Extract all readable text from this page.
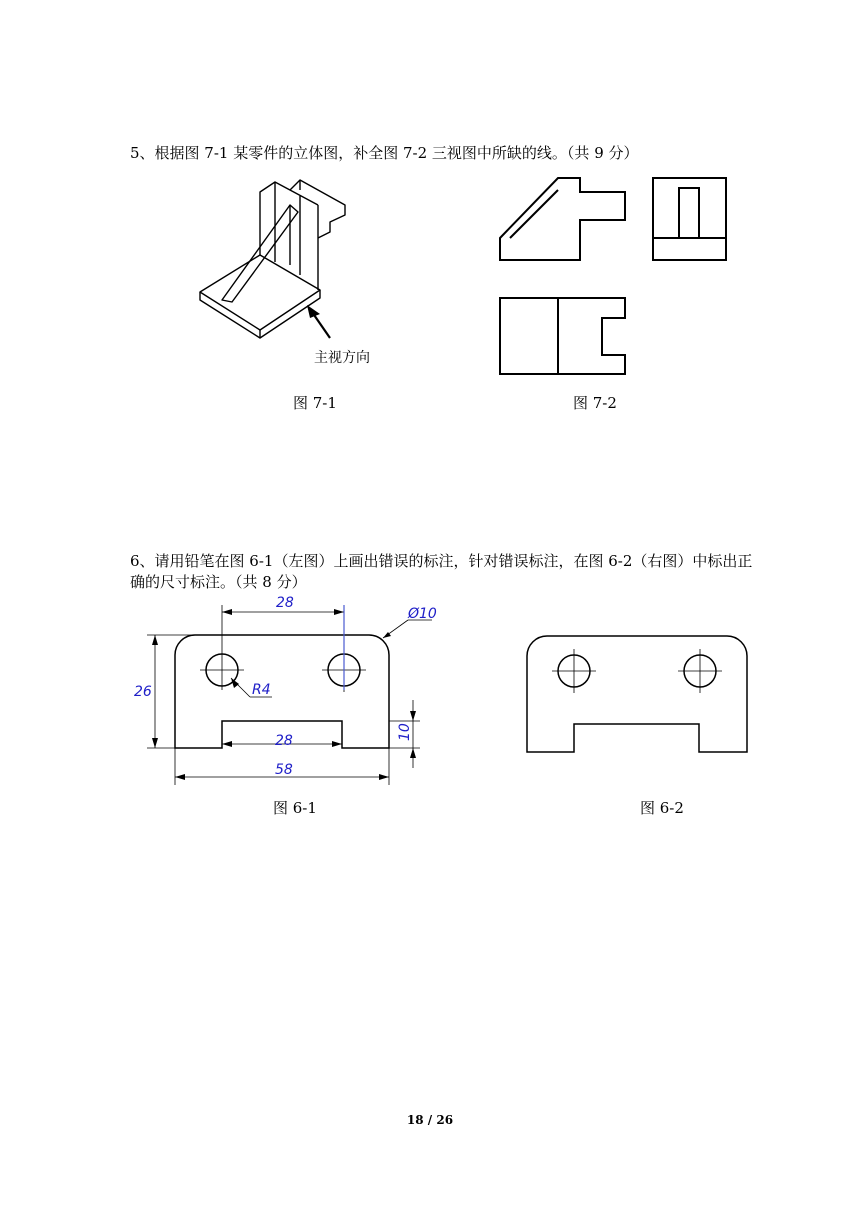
5、根据图 7-1 某零件的立体图，补全图 7-2 三视图中所缺的线。（共 9 分）
主视方向
图 7-1	图 7-2
6、请用铅笔在图 6-1（左图）上画出错误的标注，针对错误标注，在图 6-2（右图）中标出正
确的尺寸标注。（共 8 分）
28
Ø10
R4
26
28	10
58
图 6-1	图 6-2
18 / 26
